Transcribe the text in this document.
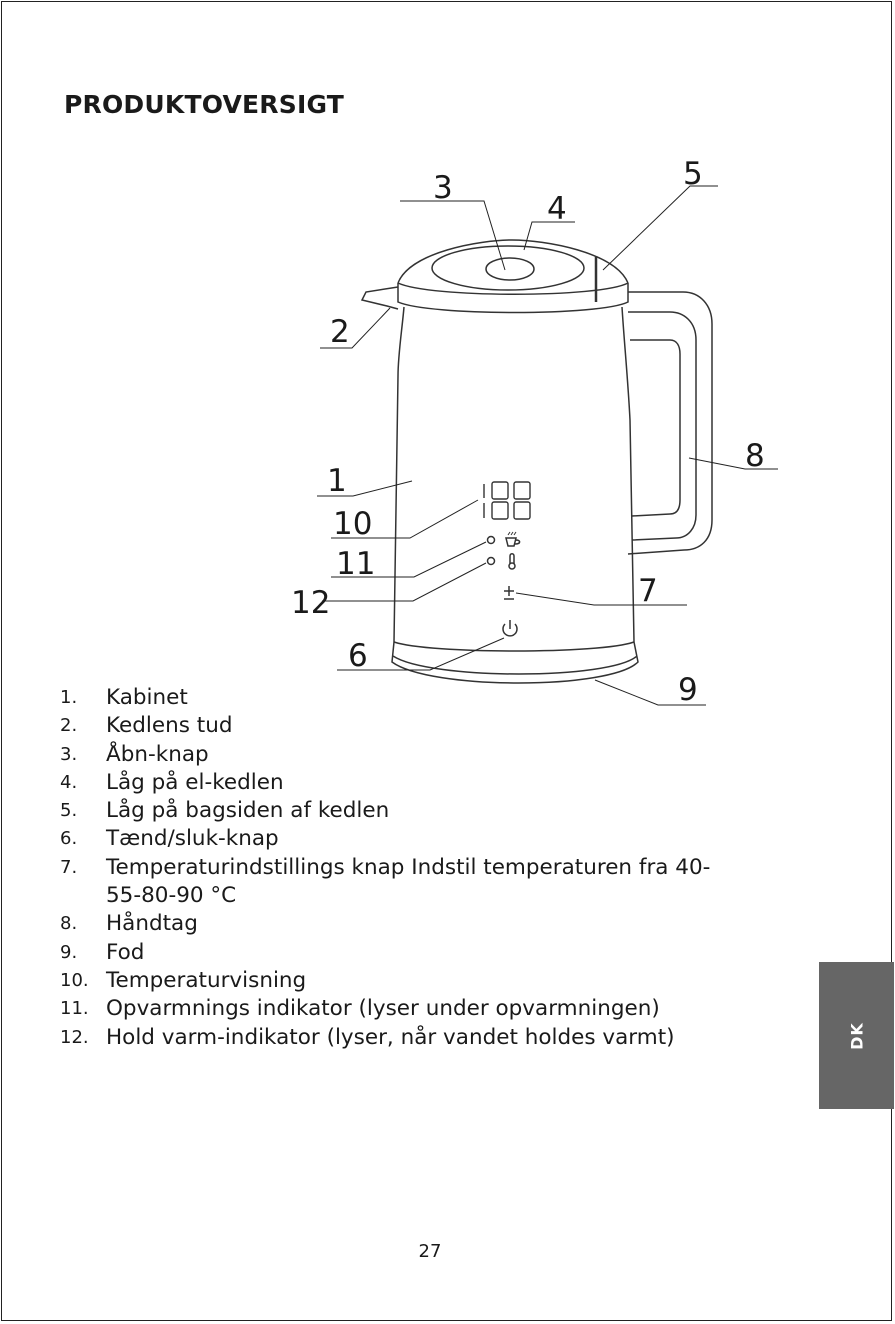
PRODUKTOVERSIGT
3
4
5
2
1
10
11
12	7
8
6
9
1. Kabinet
2. Kedlens tud
3. Åbn-knap
4. Låg på el-kedlen
5. Låg på bagsiden af kedlen
6. Tænd/sluk-knap
7. Temperaturindstillings knap Indstil temperaturen fra 40-55-80-90 °C
8. Håndtag
9. Fod
10. Temperaturvisning
11. Opvarmnings indikator (lyser under opvarmningen)
12. Hold varm-indikator (lyser, når vandet holdes varmt)	DK
27
